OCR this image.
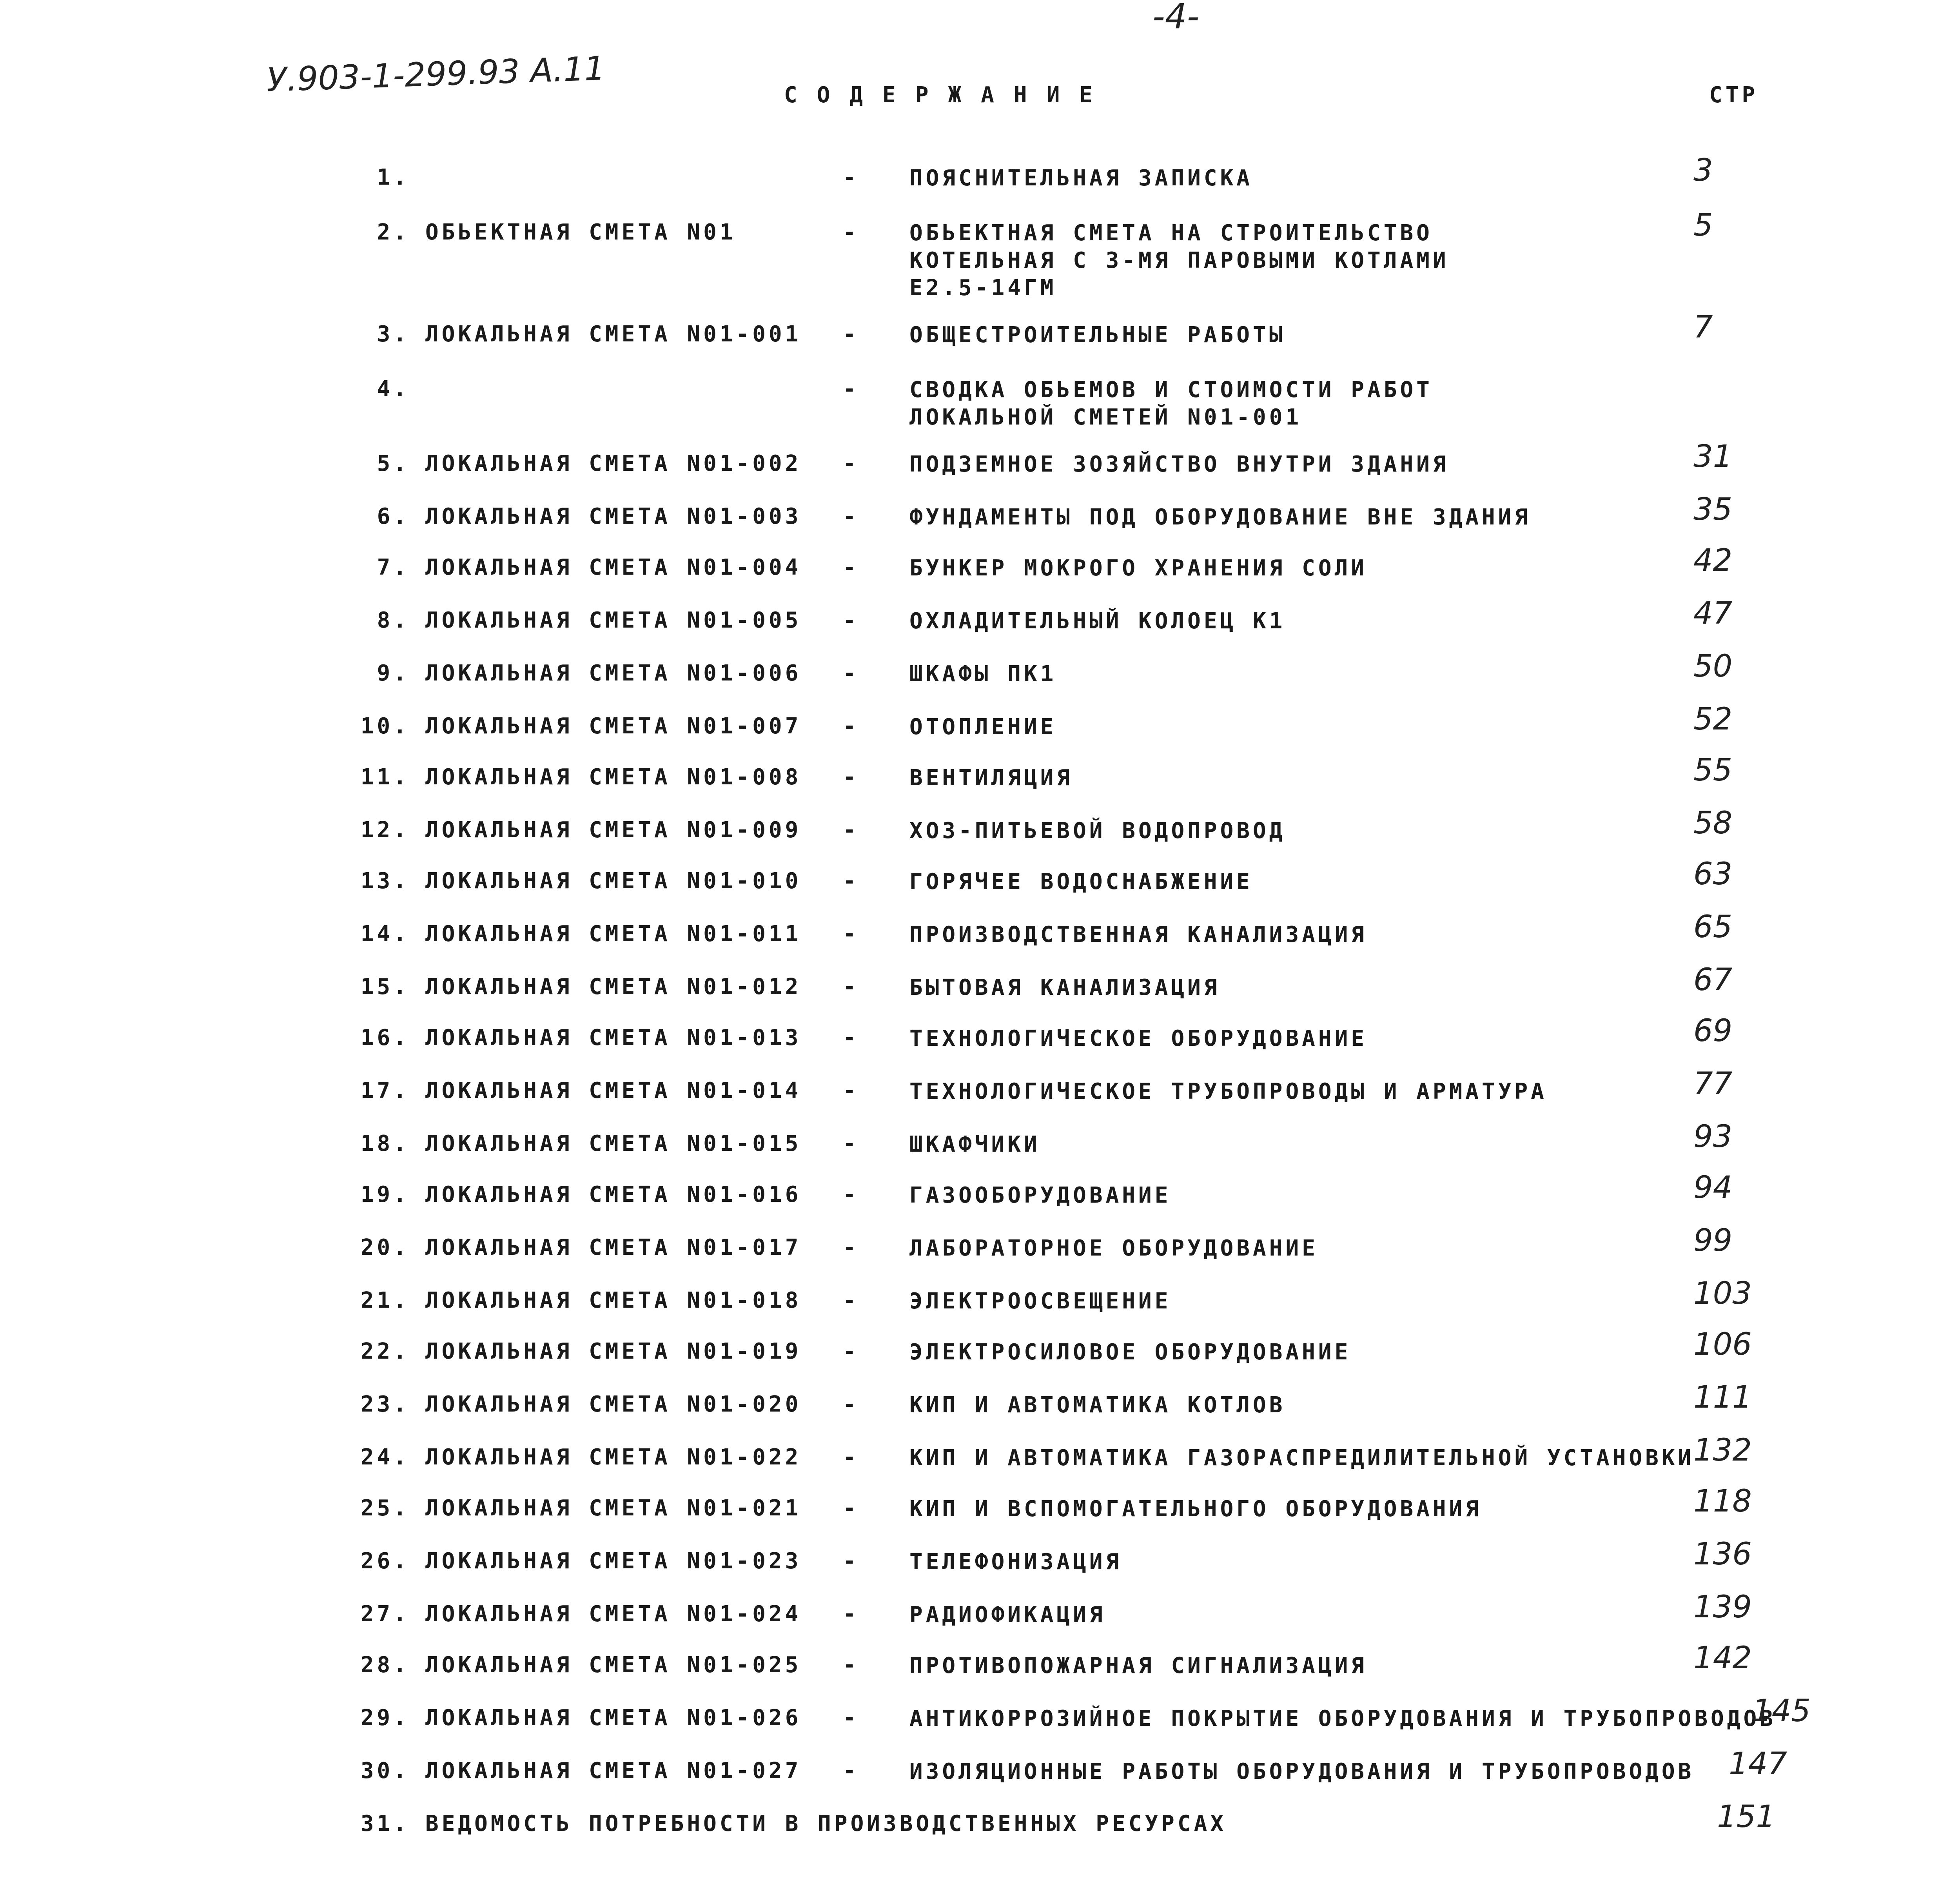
-4-
У.903-1-299.93 А.11	СОДЕРЖАНИЕ	СТР
1.	- ПОЯСНИТЕЛЬНАЯ ЗАПИСКА	3
2. ОБЬЕКТНАЯ СМЕТА N01	- ОБЬЕКТНАЯ СМЕТА НА СТРОИТЕЛЬСТВО
КОТЕЛЬНАЯ С 3-МЯ ПАРОВЫМИ КОТЛАМИ
Е2.5-14ГМ
5
3. ЛОКАЛЬНАЯ СМЕТА N01-001 - ОБЩЕСТРОИТЕЛЬНЫЕ РАБОТЫ	7
4.	- СВОДКА ОБЬЕМОВ И СТОИМОСТИ РАБОТ
ЛОКАЛЬНОЙ СМЕТЕЙ N01-001
5. ЛОКАЛЬНАЯ СМЕТА N01-002 - ПОДЗЕМНОЕ ЗОЗЯЙСТВО ВНУТРИ ЗДАНИЯ	31
6. ЛОКАЛЬНАЯ СМЕТА N01-003 - ФУНДАМЕНТЫ ПОД ОБОРУДОВАНИЕ ВНЕ ЗДАНИЯ	35
7. ЛОКАЛЬНАЯ СМЕТА N01-004 - БУНКЕР МОКРОГО ХРАНЕНИЯ СОЛИ	42
8. ЛОКАЛЬНАЯ СМЕТА N01-005 - ОХЛАДИТЕЛЬНЫЙ КОЛОЕЦ К1	47
9. ЛОКАЛЬНАЯ СМЕТА N01-006 - ШКАФЫ ПК1	50
10. ЛОКАЛЬНАЯ СМЕТА N01-007 - ОТОПЛЕНИЕ	52
11. ЛОКАЛЬНАЯ СМЕТА N01-008 - ВЕНТИЛЯЦИЯ	55
12. ЛОКАЛЬНАЯ СМЕТА N01-009 - ХОЗ-ПИТЬЕВОЙ ВОДОПРОВОД	58
13. ЛОКАЛЬНАЯ СМЕТА N01-010 - ГОРЯЧЕЕ ВОДОСНАБЖЕНИЕ	63
14. ЛОКАЛЬНАЯ СМЕТА N01-011 - ПРОИЗВОДСТВЕННАЯ КАНАЛИЗАЦИЯ	65
15. ЛОКАЛЬНАЯ СМЕТА N01-012 - БЫТОВАЯ КАНАЛИЗАЦИЯ	67
16. ЛОКАЛЬНАЯ СМЕТА N01-013 - ТЕХНОЛОГИЧЕСКОЕ ОБОРУДОВАНИЕ	69
17. ЛОКАЛЬНАЯ СМЕТА N01-014 - ТЕХНОЛОГИЧЕСКОЕ ТРУБОПРОВОДЫ И АРМАТУРА	77
18. ЛОКАЛЬНАЯ СМЕТА N01-015 - ШКАФЧИКИ	93
19. ЛОКАЛЬНАЯ СМЕТА N01-016 - ГАЗООБОРУДОВАНИЕ	94
20. ЛОКАЛЬНАЯ СМЕТА N01-017 - ЛАБОРАТОРНОЕ ОБОРУДОВАНИЕ	99
21. ЛОКАЛЬНАЯ СМЕТА N01-018 - ЭЛЕКТРООСВЕЩЕНИЕ	103
22. ЛОКАЛЬНАЯ СМЕТА N01-019 - ЭЛЕКТРОСИЛОВОЕ ОБОРУДОВАНИЕ	106
23. ЛОКАЛЬНАЯ СМЕТА N01-020 - КИП И АВТОМАТИКА КОТЛОВ	111
24. ЛОКАЛЬНАЯ СМЕТА N01-022 - КИП И АВТОМАТИКА ГАЗОРАСПРЕДИЛИТЕЛЬНОЙ УСТАНОВКИ
132
25. ЛОКАЛЬНАЯ СМЕТА N01-021 - КИП И ВСПОМОГАТЕЛЬНОГО ОБОРУДОВАНИЯ	118
26. ЛОКАЛЬНАЯ СМЕТА N01-023 - ТЕЛЕФОНИЗАЦИЯ	136
27. ЛОКАЛЬНАЯ СМЕТА N01-024 - РАДИОФИКАЦИЯ	139
28. ЛОКАЛЬНАЯ СМЕТА N01-025 - ПРОТИВОПОЖАРНАЯ СИГНАЛИЗАЦИЯ	142
29. ЛОКАЛЬНАЯ СМЕТА N01-026 - АНТИКОРРОЗИЙНОЕ ПОКРЫТИЕ ОБОРУДОВАНИЯ И ТРУБОПРОВОДОВ
145
30. ЛОКАЛЬНАЯ СМЕТА N01-027 - ИЗОЛЯЦИОННЫЕ РАБОТЫ ОБОРУДОВАНИЯ И ТРУБОПРОВОДОВ 147
31. ВЕДОМОСТЬ ПОТРЕБНОСТИ В ПРОИЗВОДСТВЕННЫХ РЕСУРСАХ	151
